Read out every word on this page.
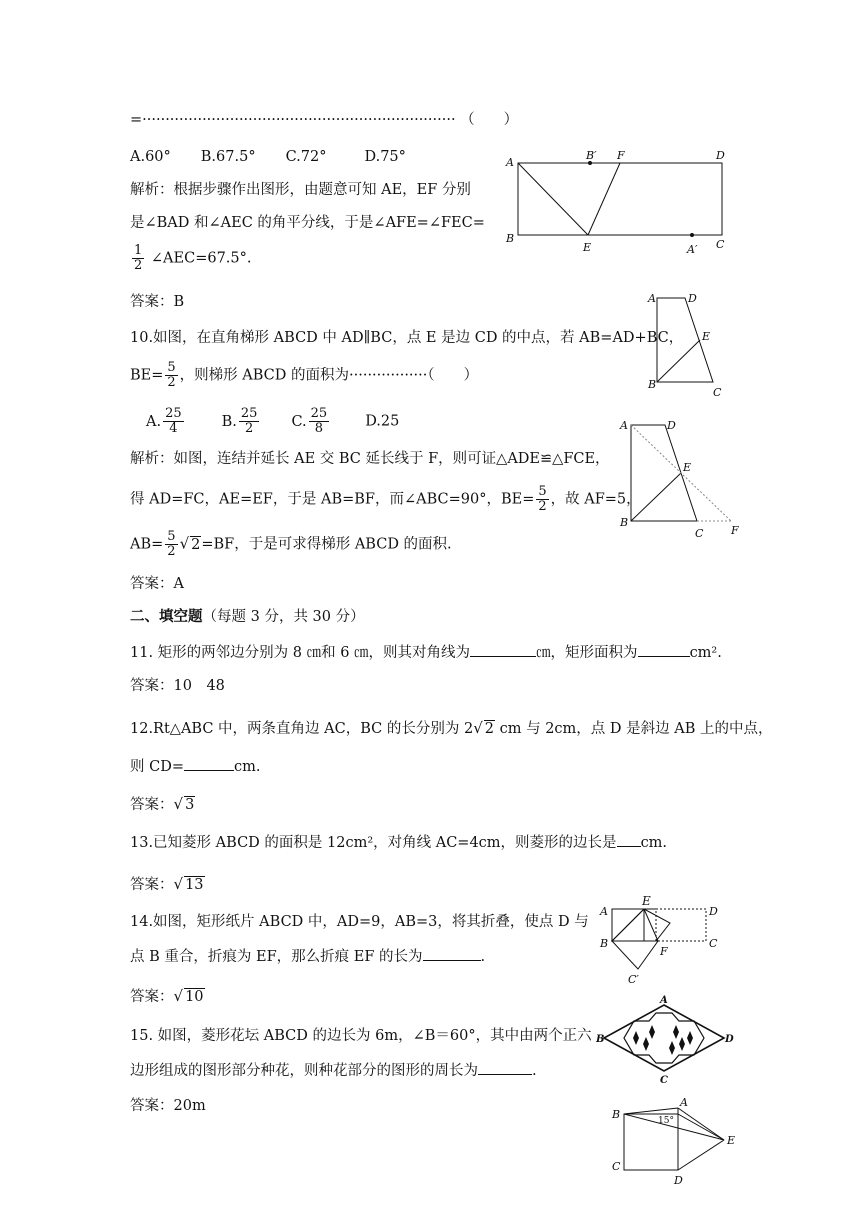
=···································································· （　　）
A.60° B.67.5° C.72°	D.75°
解析：根据步骤作出图形，由题意可知 AE，EF 分别
是∠BAD 和∠AEC 的角平分线，于是∠AFE=∠FEC=
$\frac{1}{2}$ ∠AEC=67.5°.
答案：B
A
B′ F	D
B
E	A′ C
10.如图，在直角梯形 ABCD 中 AD∥BC，点 E 是边 CD 的中点，若 AB=AD+BC，
$BE= \frac{5}{2}$ ，则梯形 ABCD 的面积为·················（　　）
A. $\frac{25}{4}$	B. $\frac{25}{2} C$. $\frac{25}{8} D.25$
A	D
E
B
C
解析：如图，连结并延长 AE 交 BC 延长线于 F，则可证△ADE≌△FCE，
得 AD=FC，AE=EF，于是 AB=BF，而∠ABC=90°，$BE= \frac{5}{2}$ ，故 AF=5，
$AB= \frac{5}{2}$ √ 2=BF，于是可求得梯形 ABCD 的面积.
答案：A
A	D
E
B
C	F
二、填空题（每题 3 分，共 30 分）
11. 矩形的两邻边分别为 8 ㎝和 6 ㎝，则其对角线为	㎝，矩形面积为	cm².
答案：10　48
12.Rt△ABC 中，两条直角边 AC，BC 的长分别为 2√ 2 cm 与 2cm，点 D 是斜边 AB 上的中点，
则 CD=	cm.
答案：√ 3
13.已知菱形 ABCD 的面积是 12cm²，对角线 AC=4cm，则菱形的边长是 cm.
答案：√ 13
14.如图，矩形纸片 ABCD 中，AD=9，AB=3，将其折叠，使点 D 与
点 B 重合，折痕为 EF，那么折痕 EF 的长为	.
答案：√ 10
E
A	D
B	C
F
C′
15. 如图，菱形花坛 ABCD 的边长为 6m，∠B＝60°，其中由两个正六
边形组成的图形部分种花，则种花部分的图形的周长为	.
答案：20m
A
B	D
C
B
A
15°
E
C
D
